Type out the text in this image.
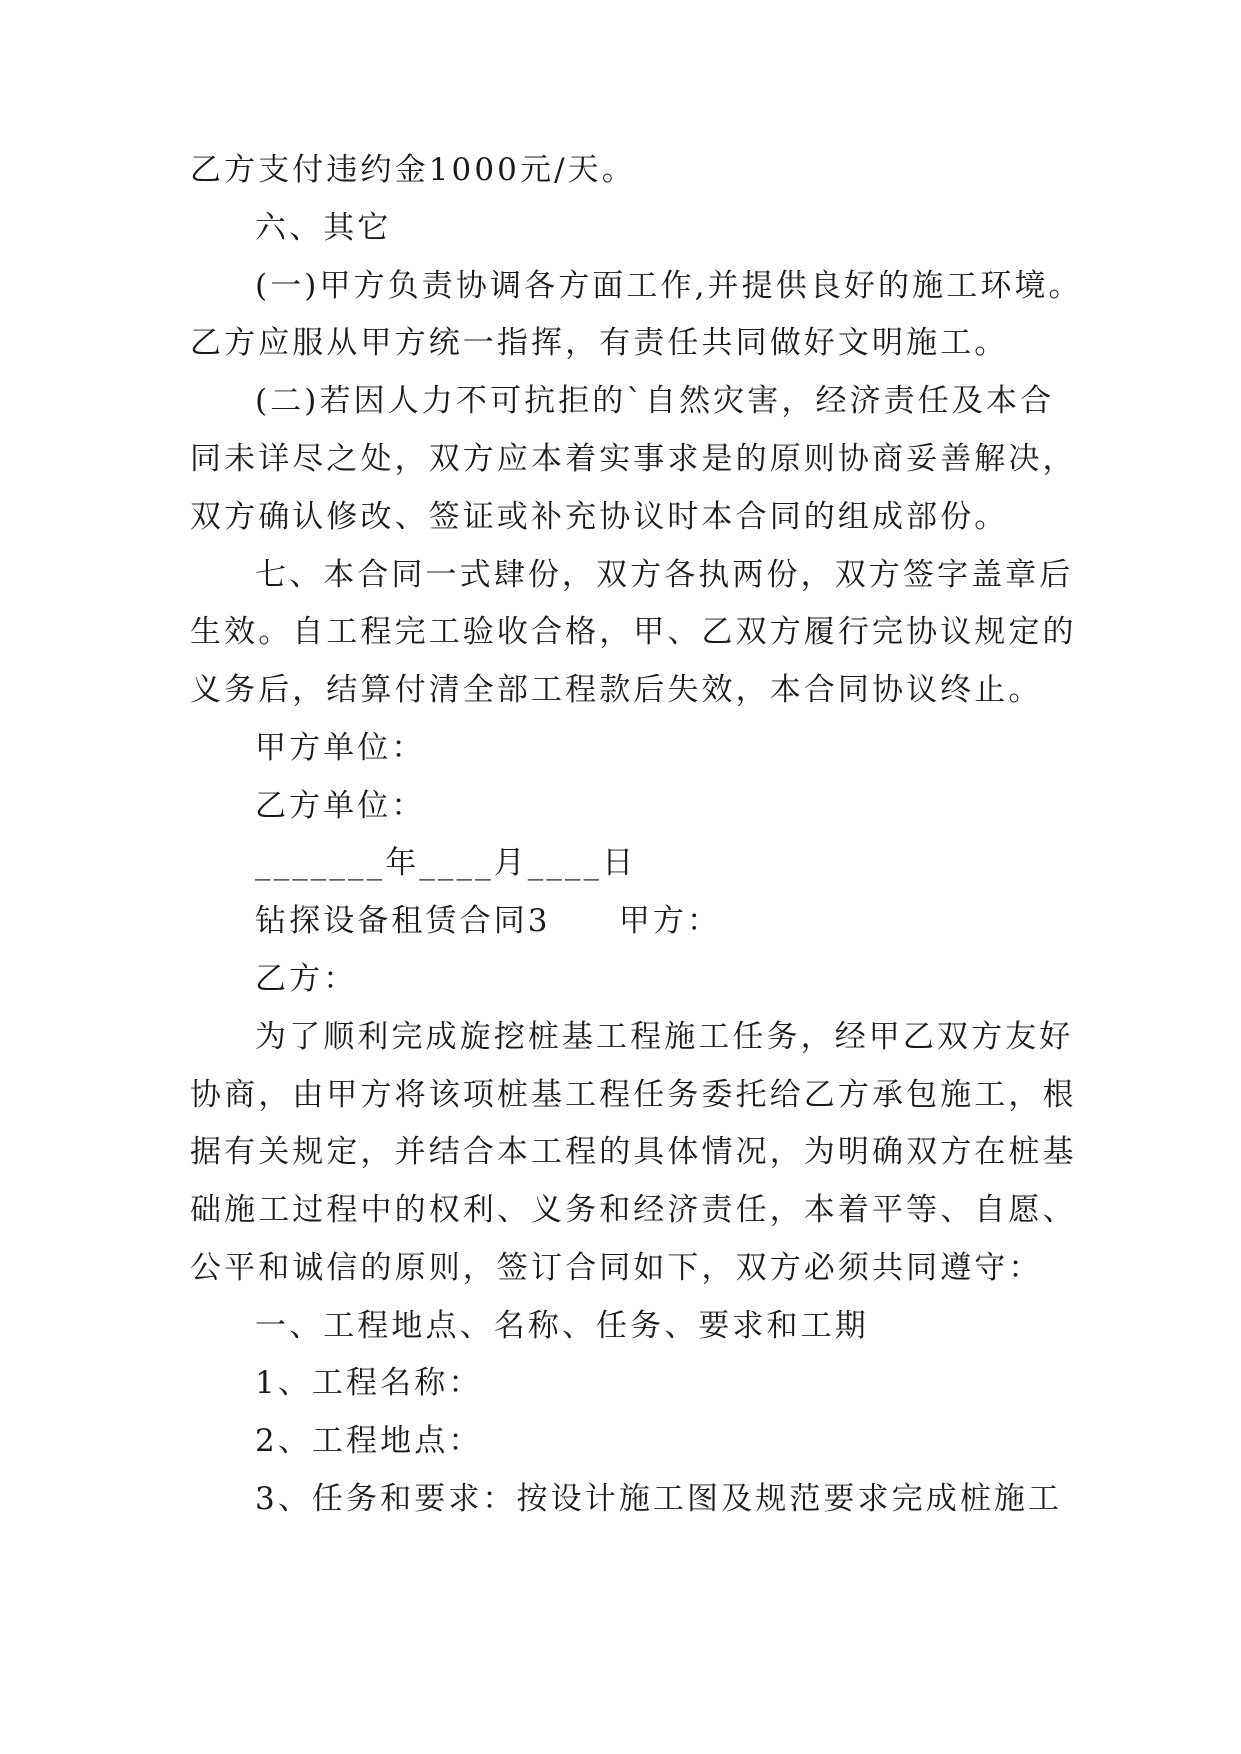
乙方支付违约金1000元/天。
六、其它
(一)甲方负责协调各方面工作,并提供良好的施工环境。
乙方应服从甲方统一指挥，有责任共同做好文明施工。
(二)若因人力不可抗拒的`自然灾害，经济责任及本合
同未详尽之处，双方应本着实事求是的原则协商妥善解决，
双方确认修改、签证或补充协议时本合同的组成部份。
七、本合同一式肆份，双方各执两份，双方签字盖章后
生效。自工程完工验收合格，甲、乙双方履行完协议规定的
义务后，结算付清全部工程款后失效，本合同协议终止。
甲方单位：
乙方单位：
_______年____月____日
钻探设备租赁合同3　　甲方：
乙方：
为了顺利完成旋挖桩基工程施工任务，经甲乙双方友好
协商，由甲方将该项桩基工程任务委托给乙方承包施工，根
据有关规定，并结合本工程的具体情况，为明确双方在桩基
础施工过程中的权利、义务和经济责任，本着平等、自愿、
公平和诚信的原则，签订合同如下，双方必须共同遵守：
一、工程地点、名称、任务、要求和工期
1、工程名称：
2、工程地点：
3、任务和要求：按设计施工图及规范要求完成桩施工
